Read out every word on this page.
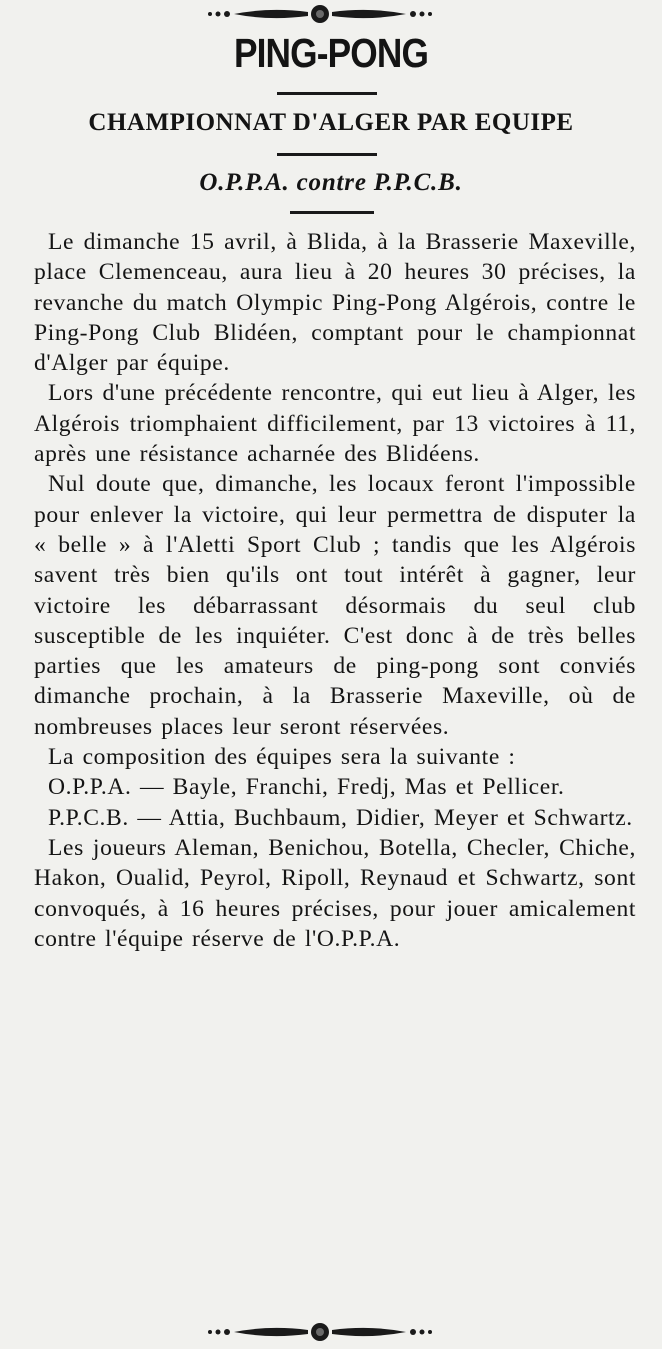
PING-PONG
CHAMPIONNAT D'ALGER PAR EQUIPE
O.P.P.A. contre P.P.C.B.

Le dimanche 15 avril, à Blida, à la Brasserie Maxeville, place Clemenceau, aura lieu à 20 heures 30 précises, la revanche du match Olympic Ping-Pong Algérois, contre le Ping-Pong Club Blidéen, comptant pour le championnat d'Alger par équipe.

Lors d'une précédente rencontre, qui eut lieu à Alger, les Algérois triomphaient difficilement, par 13 victoires à 11, après une résistance acharnée des Blidéens.

Nul doute que, dimanche, les locaux feront l'impossible pour enlever la victoire, qui leur permettra de disputer la « belle » à l'Aletti Sport Club ; tandis que les Algérois savent très bien qu'ils ont tout intérêt à gagner, leur victoire les débarrassant désormais du seul club susceptible de les inquiéter. C'est donc à de très belles parties que les amateurs de ping-pong sont conviés dimanche prochain, à la Brasserie Maxeville, où de nombreuses places leur seront réservées.

La composition des équipes sera la suivante :

O.P.P.A. — Bayle, Franchi, Fredj, Mas et Pellicer.

P.P.C.B. — Attia, Buchbaum, Didier, Meyer et Schwartz.

Les joueurs Aleman, Benichou, Botella, Checler, Chiche, Hakon, Oualid, Peyrol, Ripoll, Reynaud et Schwartz, sont convoqués, à 16 heures précises, pour jouer amicalement contre l'équipe réserve de l'O.P.P.A.
